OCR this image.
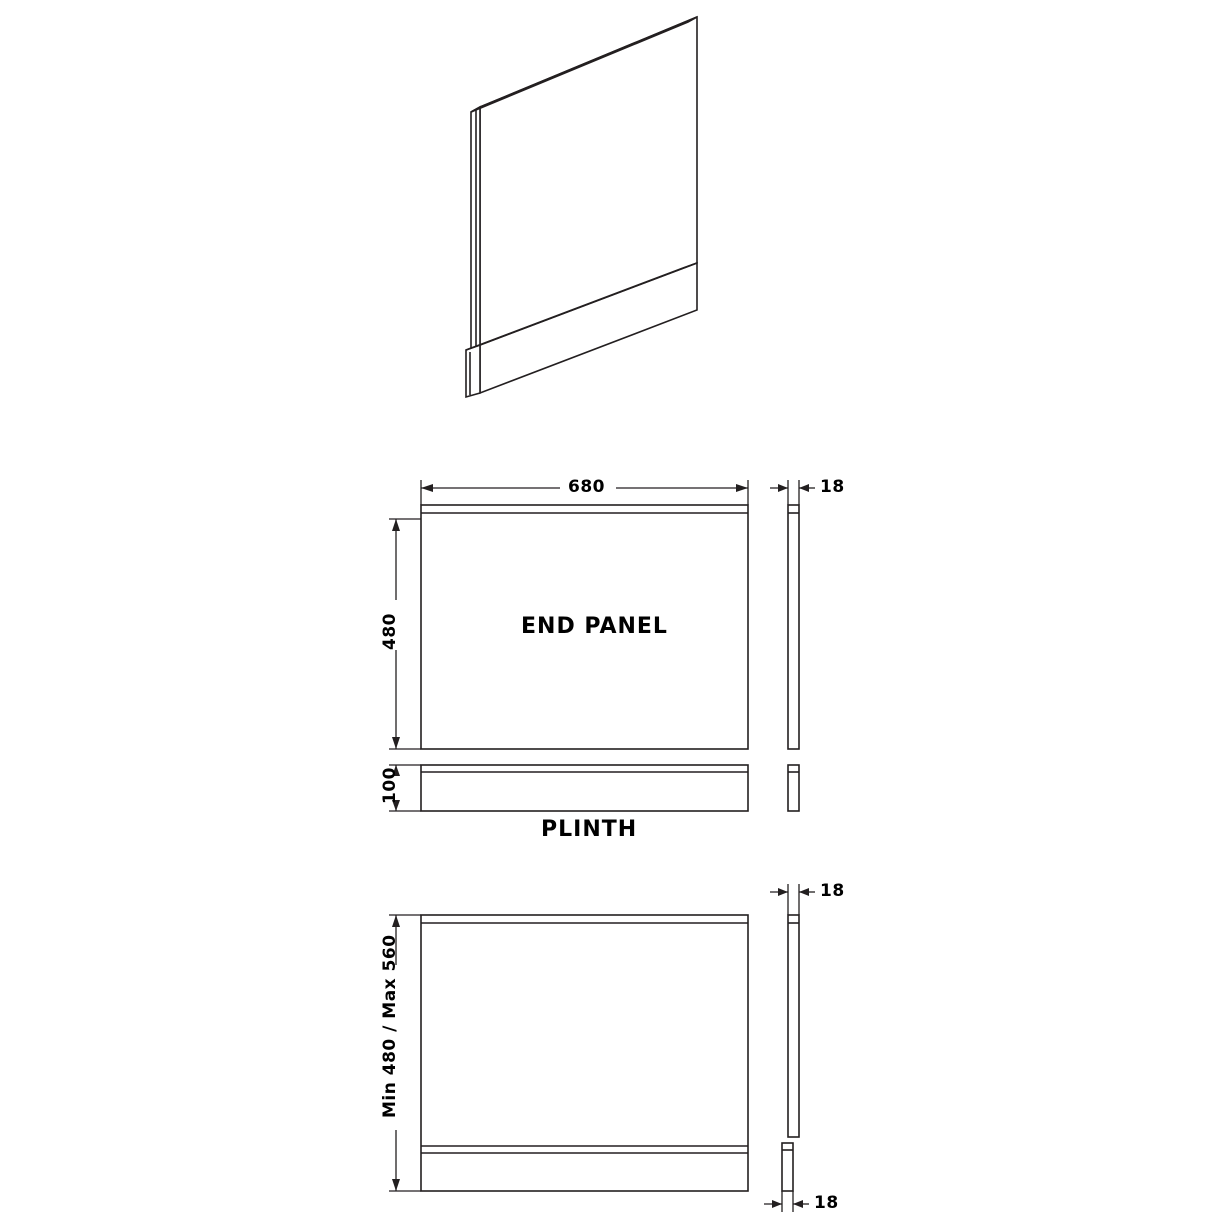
680	18
480
100
END PANEL
PLINTH
Min 480 / Max 560
18
18
